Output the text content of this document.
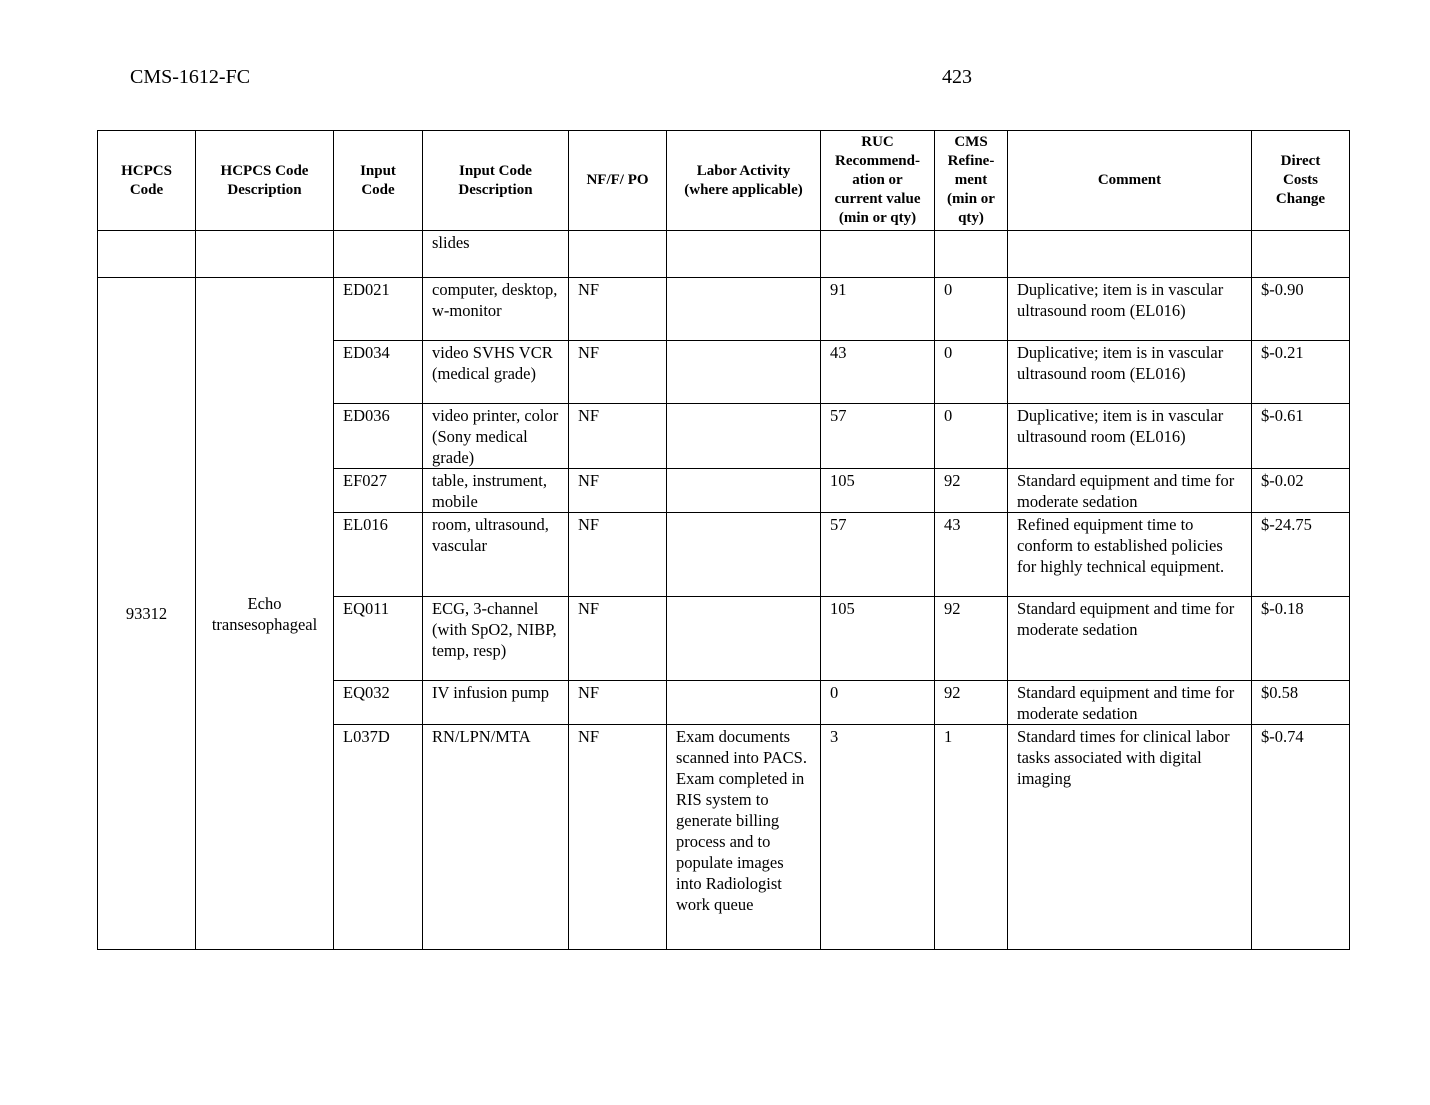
CMS-1612-FC	423
HCPCS Code	HCPCS Code Description	Input Code	Input Code Description	NF/F/ PO	Labor Activity (where applicable)	RUC Recommend-ation or current value (min or qty)	CMS Refine-ment (min or qty)	Comment	Direct Costs Change
			slides						
93312	Echo transesophageal	ED021	computer, desktop, w-monitor	NF		91	0	Duplicative; item is in vascular ultrasound room (EL016)	$-0.90
		ED034	video SVHS VCR (medical grade)	NF		43	0	Duplicative; item is in vascular ultrasound room (EL016)	$-0.21
		ED036	video printer, color (Sony medical grade)	NF		57	0	Duplicative; item is in vascular ultrasound room (EL016)	$-0.61
		EF027	table, instrument, mobile	NF		105	92	Standard equipment and time for moderate sedation	$-0.02
		EL016	room, ultrasound, vascular	NF		57	43	Refined equipment time to conform to established policies for highly technical equipment.	$-24.75
		EQ011	ECG, 3-channel (with SpO2, NIBP, temp, resp)	NF		105	92	Standard equipment and time for moderate sedation	$-0.18
		EQ032	IV infusion pump	NF		0	92	Standard equipment and time for moderate sedation	$0.58
		L037D	RN/LPN/MTA	NF	Exam documents scanned into PACS. Exam completed in RIS system to generate billing process and to populate images into Radiologist work queue	3	1	Standard times for clinical labor tasks associated with digital imaging	$-0.74
